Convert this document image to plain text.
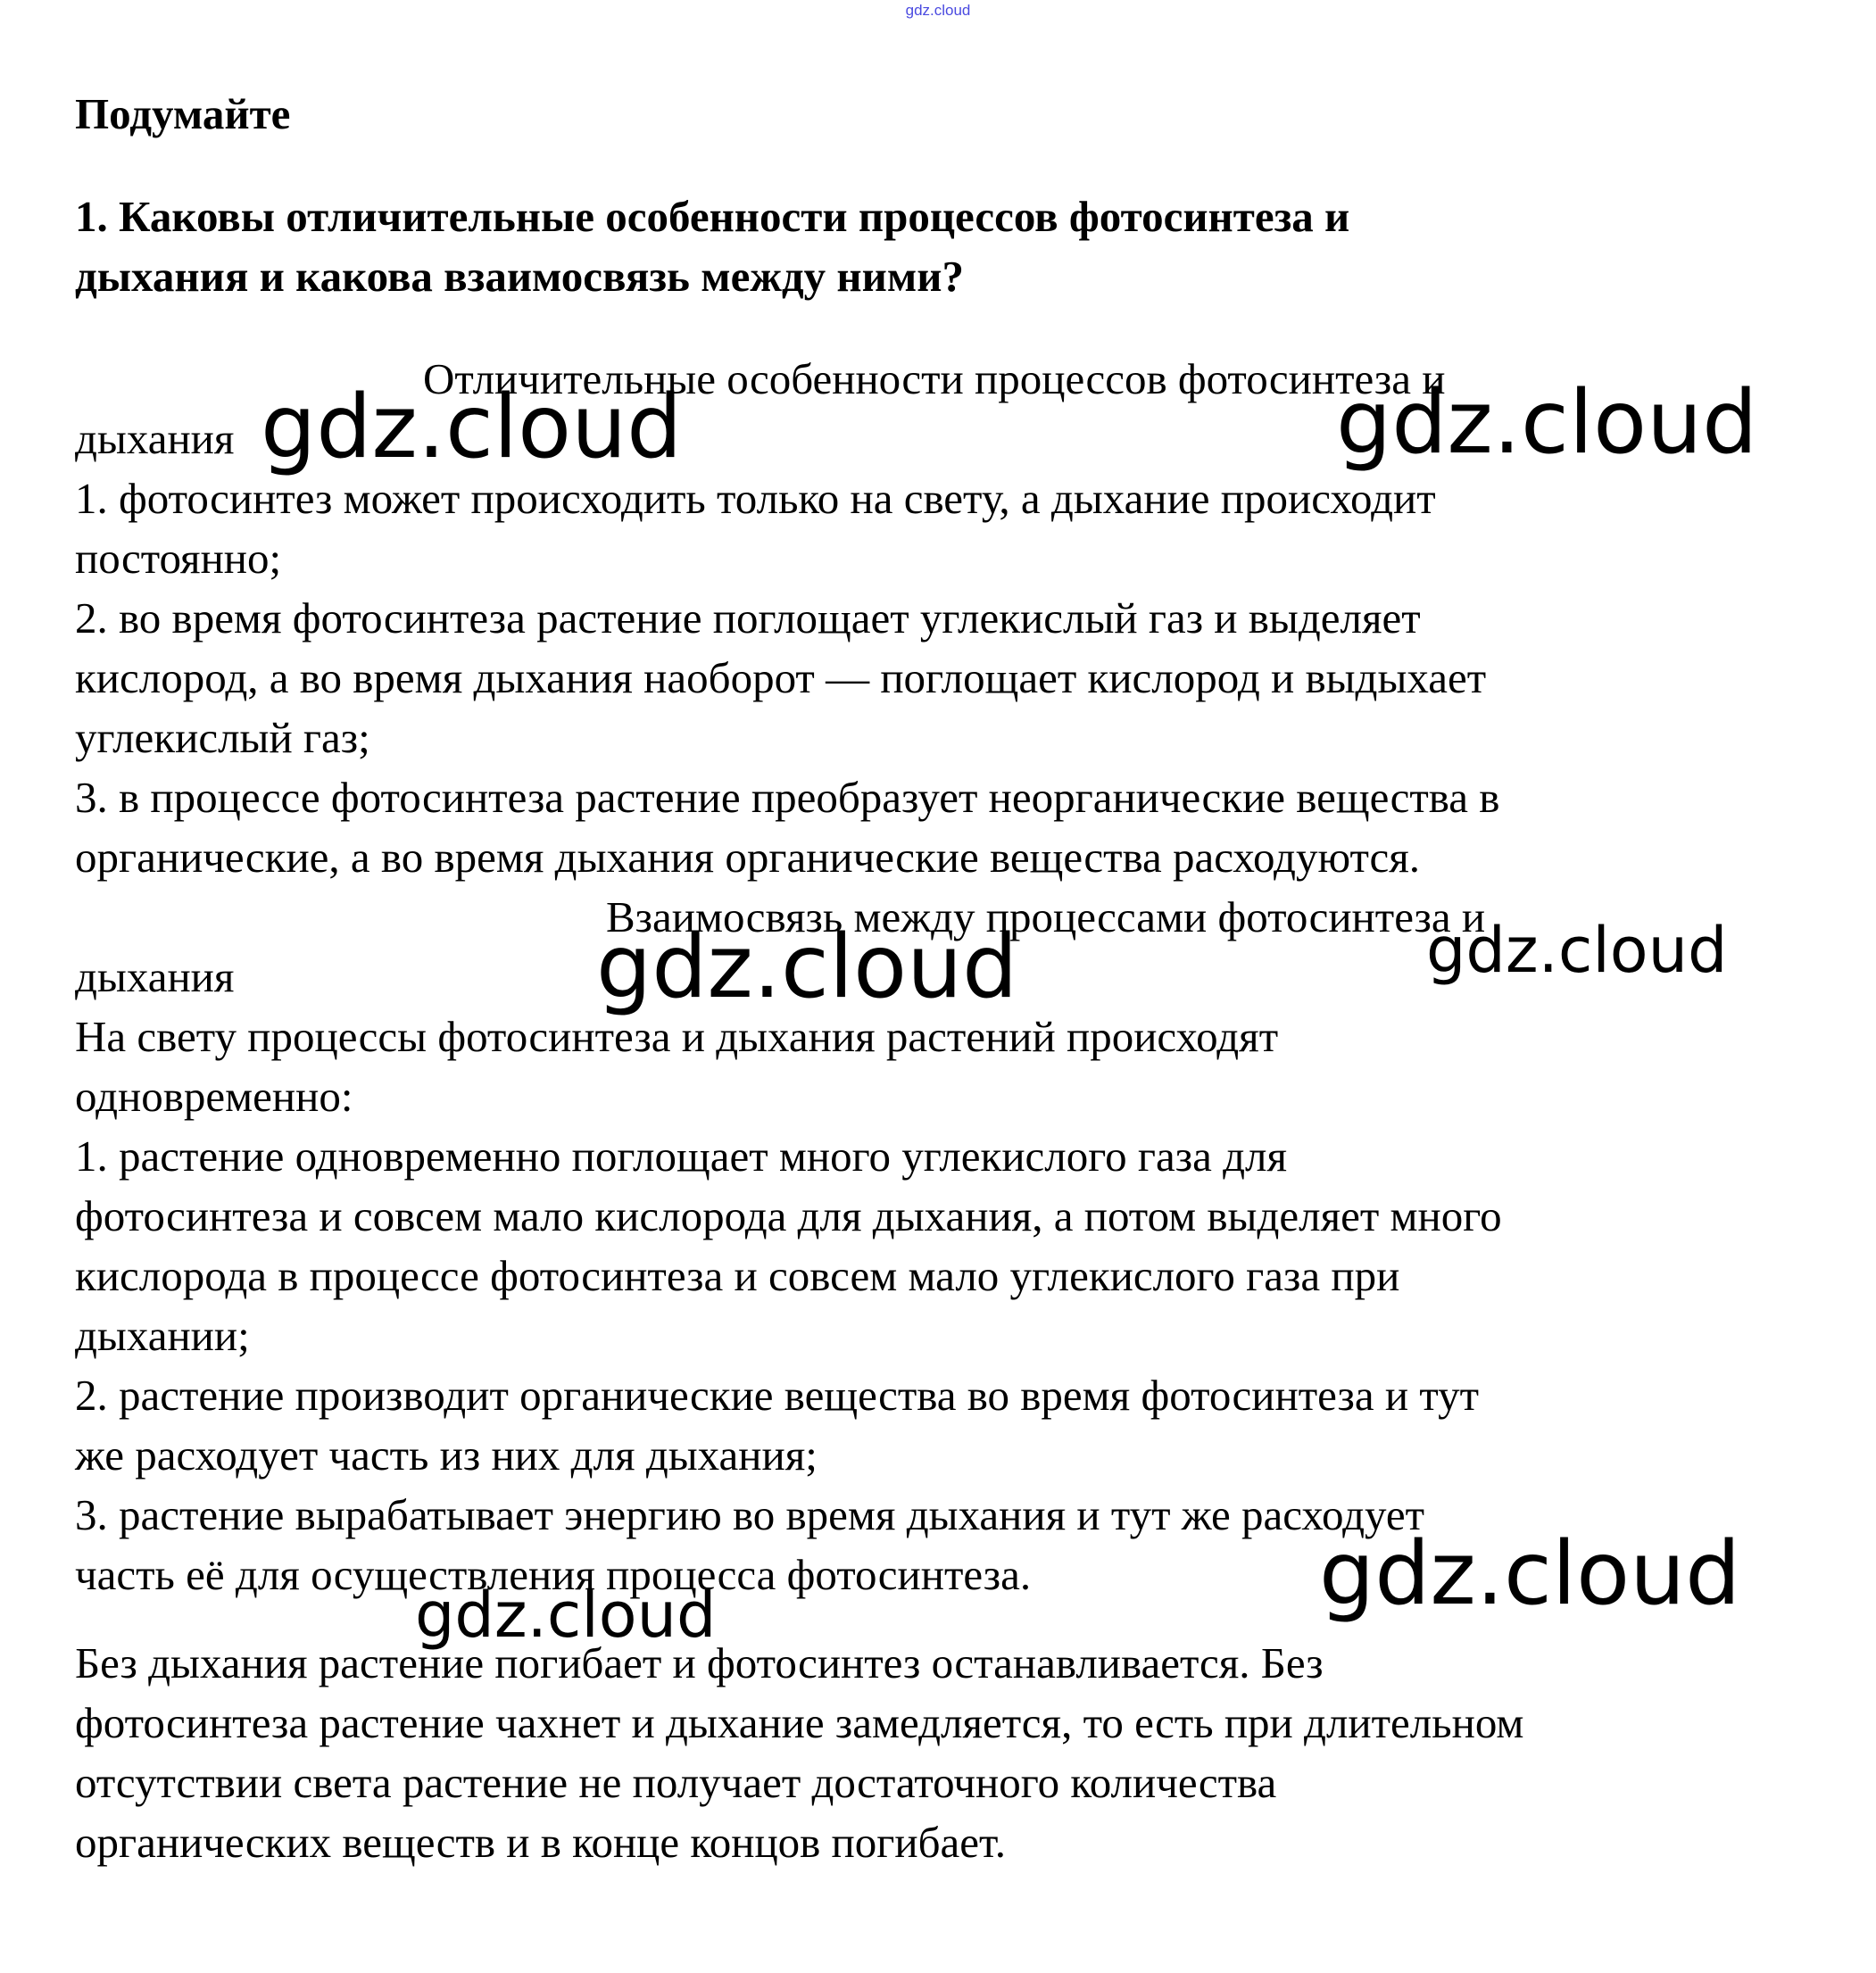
gdz.cloud
Подумайте
1. Каковы отличительные особенности процессов фотосинтеза и
дыхания и какова взаимосвязь между ними?
Отличительные особенности процессов фотосинтеза и
дыхания
1. фотосинтез может происходить только на свету, а дыхание происходит
постоянно;
2. во время фотосинтеза растение поглощает углекислый газ и выделяет
кислород, а во время дыхания наоборот — поглощает кислород и выдыхает
углекислый газ;
3. в процессе фотосинтеза растение преобразует неорганические вещества в
органические, а во время дыхания органические вещества расходуются.
Взаимосвязь между процессами фотосинтеза и
дыхания
На свету процессы фотосинтеза и дыхания растений происходят
одновременно:
1. растение одновременно поглощает много углекислого газа для
фотосинтеза и совсем мало кислорода для дыхания, а потом выделяет много
кислорода в процессе фотосинтеза и совсем мало углекислого газа при
дыхании;
2. растение производит органические вещества во время фотосинтеза и тут
же расходует часть из них для дыхания;
3. растение вырабатывает энергию во время дыхания и тут же расходует
часть её для осуществления процесса фотосинтеза.
Без дыхания растение погибает и фотосинтез останавливается. Без
фотосинтеза растение чахнет и дыхание замедляется, то есть при длительном
отсутствии света растение не получает достаточного количества
органических веществ и в конце концов погибает.
gdz.cloud	gdz.cloud
gdz.cloud	gdz.cloud
gdz.cloud
gdz.cloud
